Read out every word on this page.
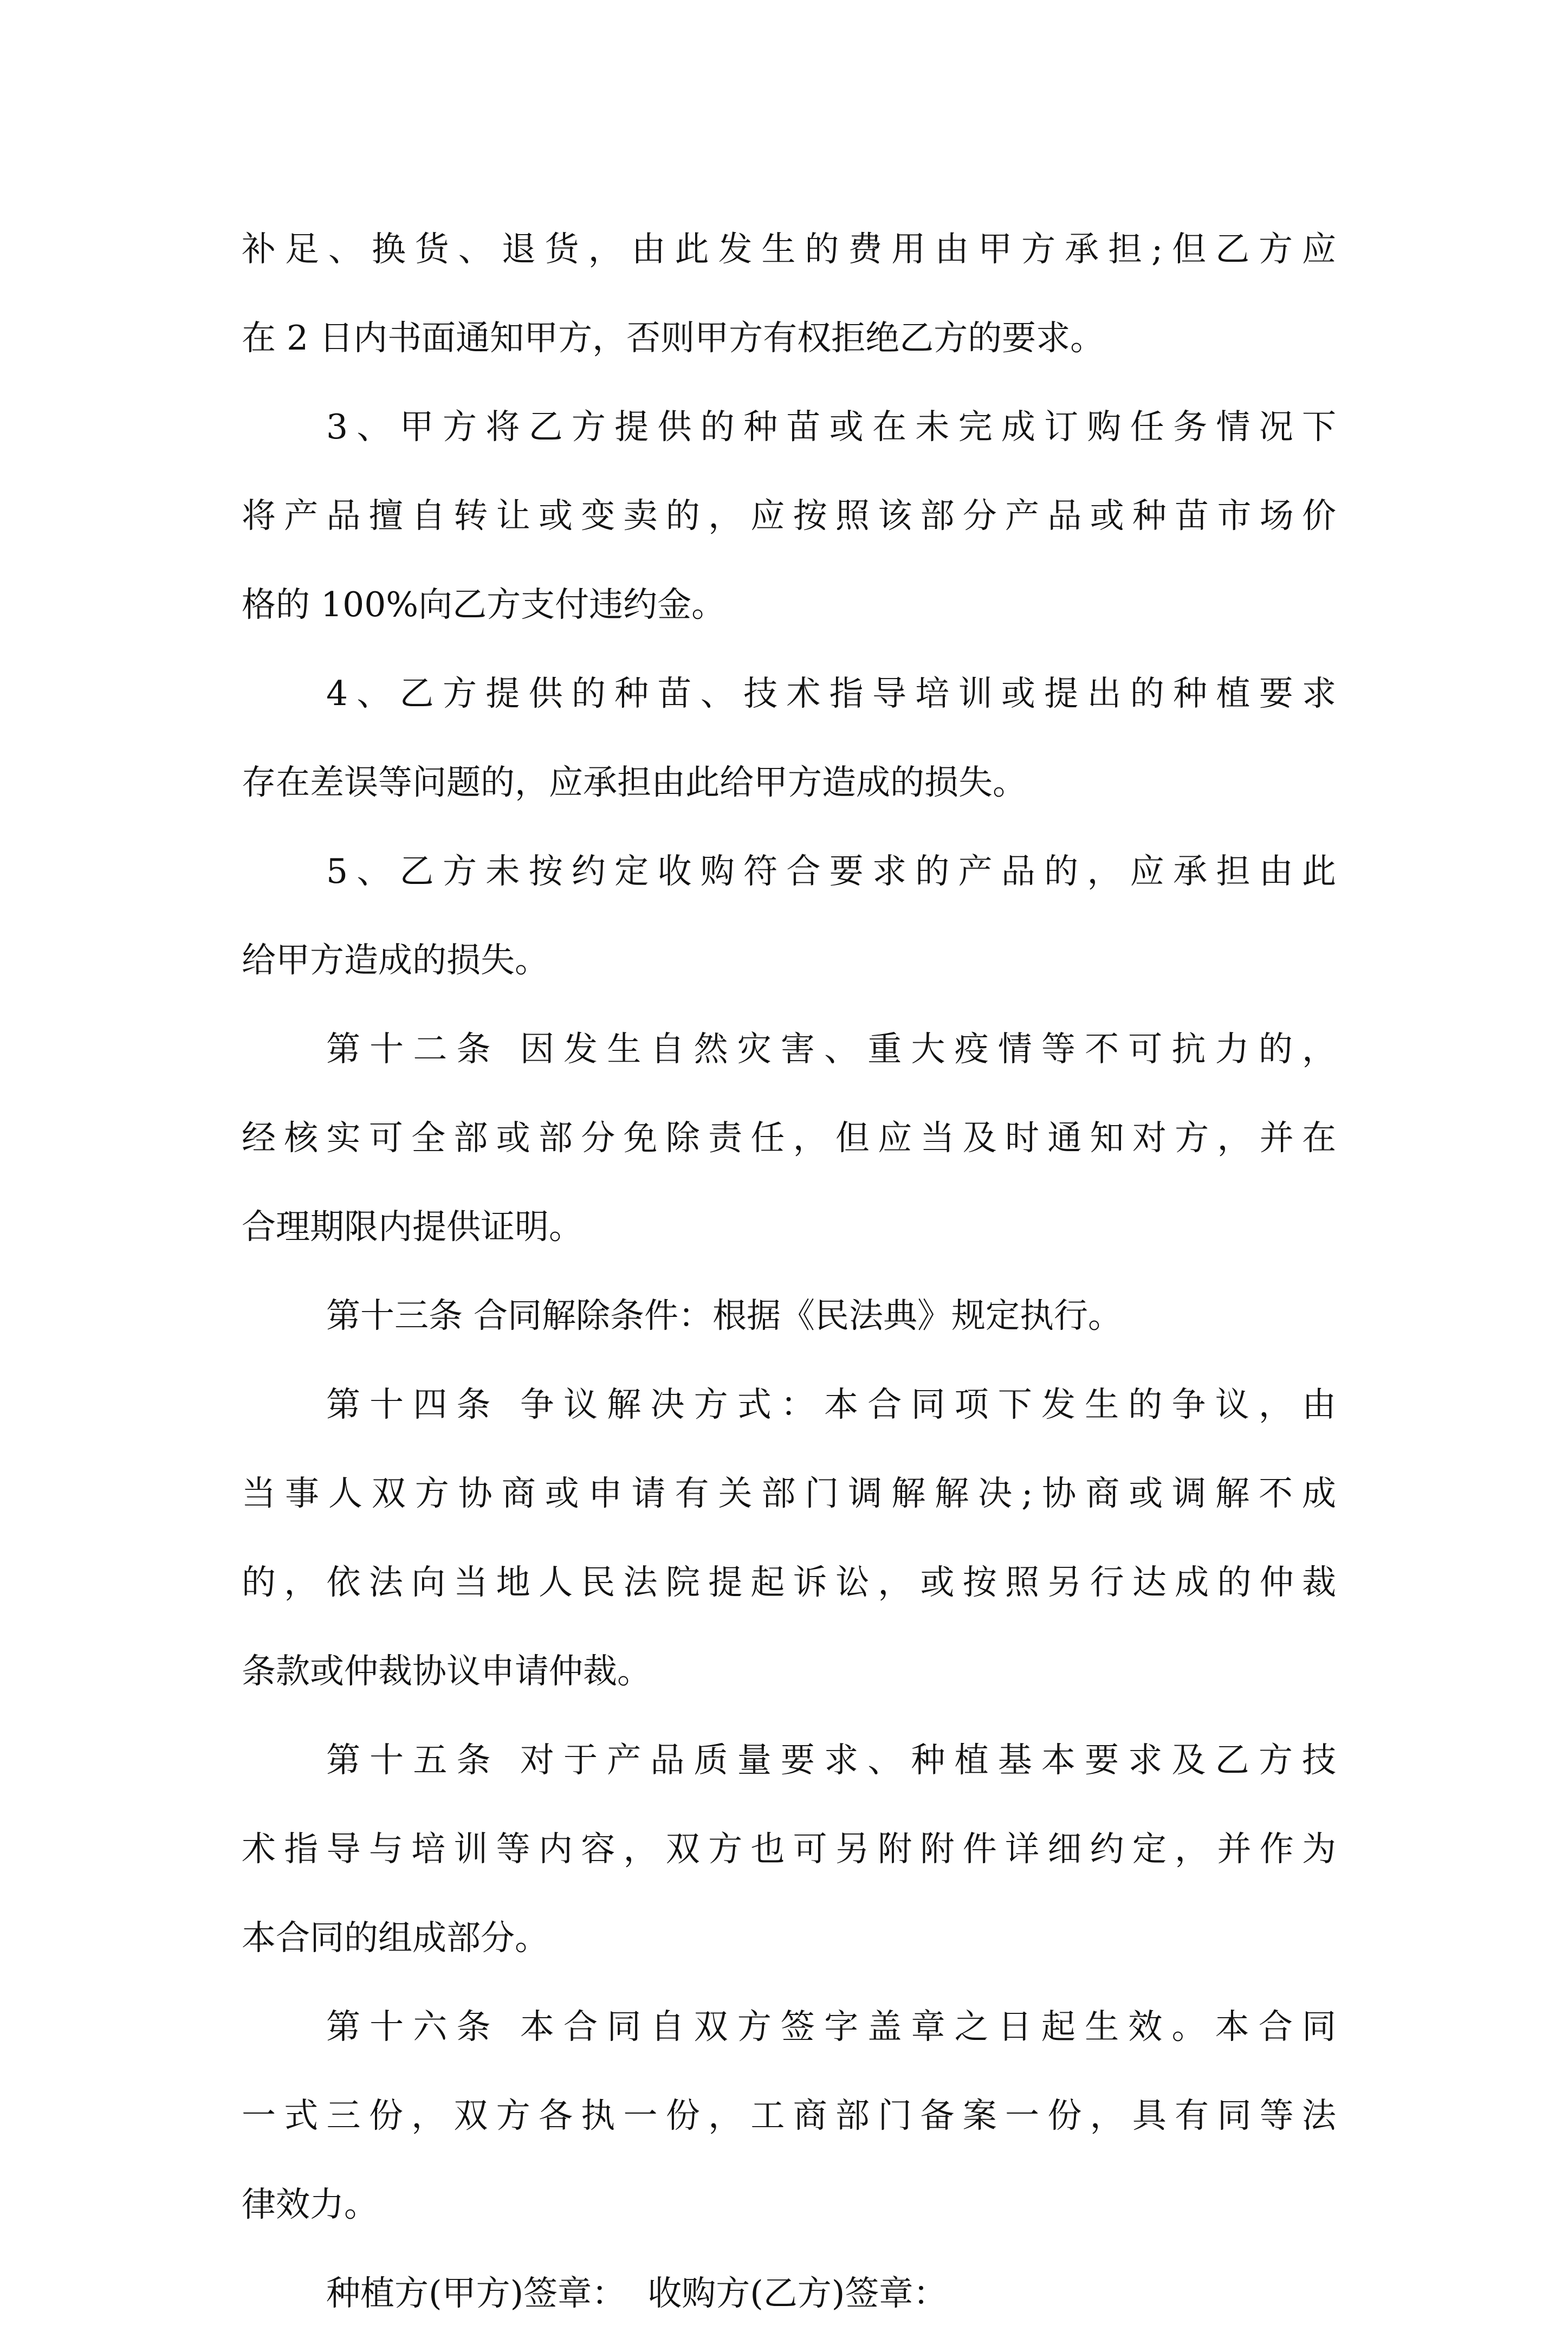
补足、换货、退货，由此发生的费用由甲方承担;但乙方应
在 2 日内书面通知甲方，否则甲方有权拒绝乙方的要求。
3、甲方将乙方提供的种苗或在未完成订购任务情况下
将产品擅自转让或变卖的，应按照该部分产品或种苗市场价
格的 100%向乙方支付违约金。
4、乙方提供的种苗、技术指导培训或提出的种植要求
存在差误等问题的，应承担由此给甲方造成的损失。
5、乙方未按约定收购符合要求的产品的，应承担由此
给甲方造成的损失。
第十二条 因发生自然灾害、重大疫情等不可抗力的，
经核实可全部或部分免除责任，但应当及时通知对方，并在
合理期限内提供证明。
第十三条 合同解除条件：根据《民法典》规定执行。
第十四条 争议解决方式：本合同项下发生的争议，由
当事人双方协商或申请有关部门调解解决;协商或调解不成
的，依法向当地人民法院提起诉讼，或按照另行达成的仲裁
条款或仲裁协议申请仲裁。
第十五条 对于产品质量要求、种植基本要求及乙方技
术指导与培训等内容，双方也可另附附件详细约定，并作为
本合同的组成部分。
第十六条 本合同自双方签字盖章之日起生效。本合同
一式三份，双方各执一份，工商部门备案一份，具有同等法
律效力。
种植方(甲方)签章：  收购方(乙方)签章：
